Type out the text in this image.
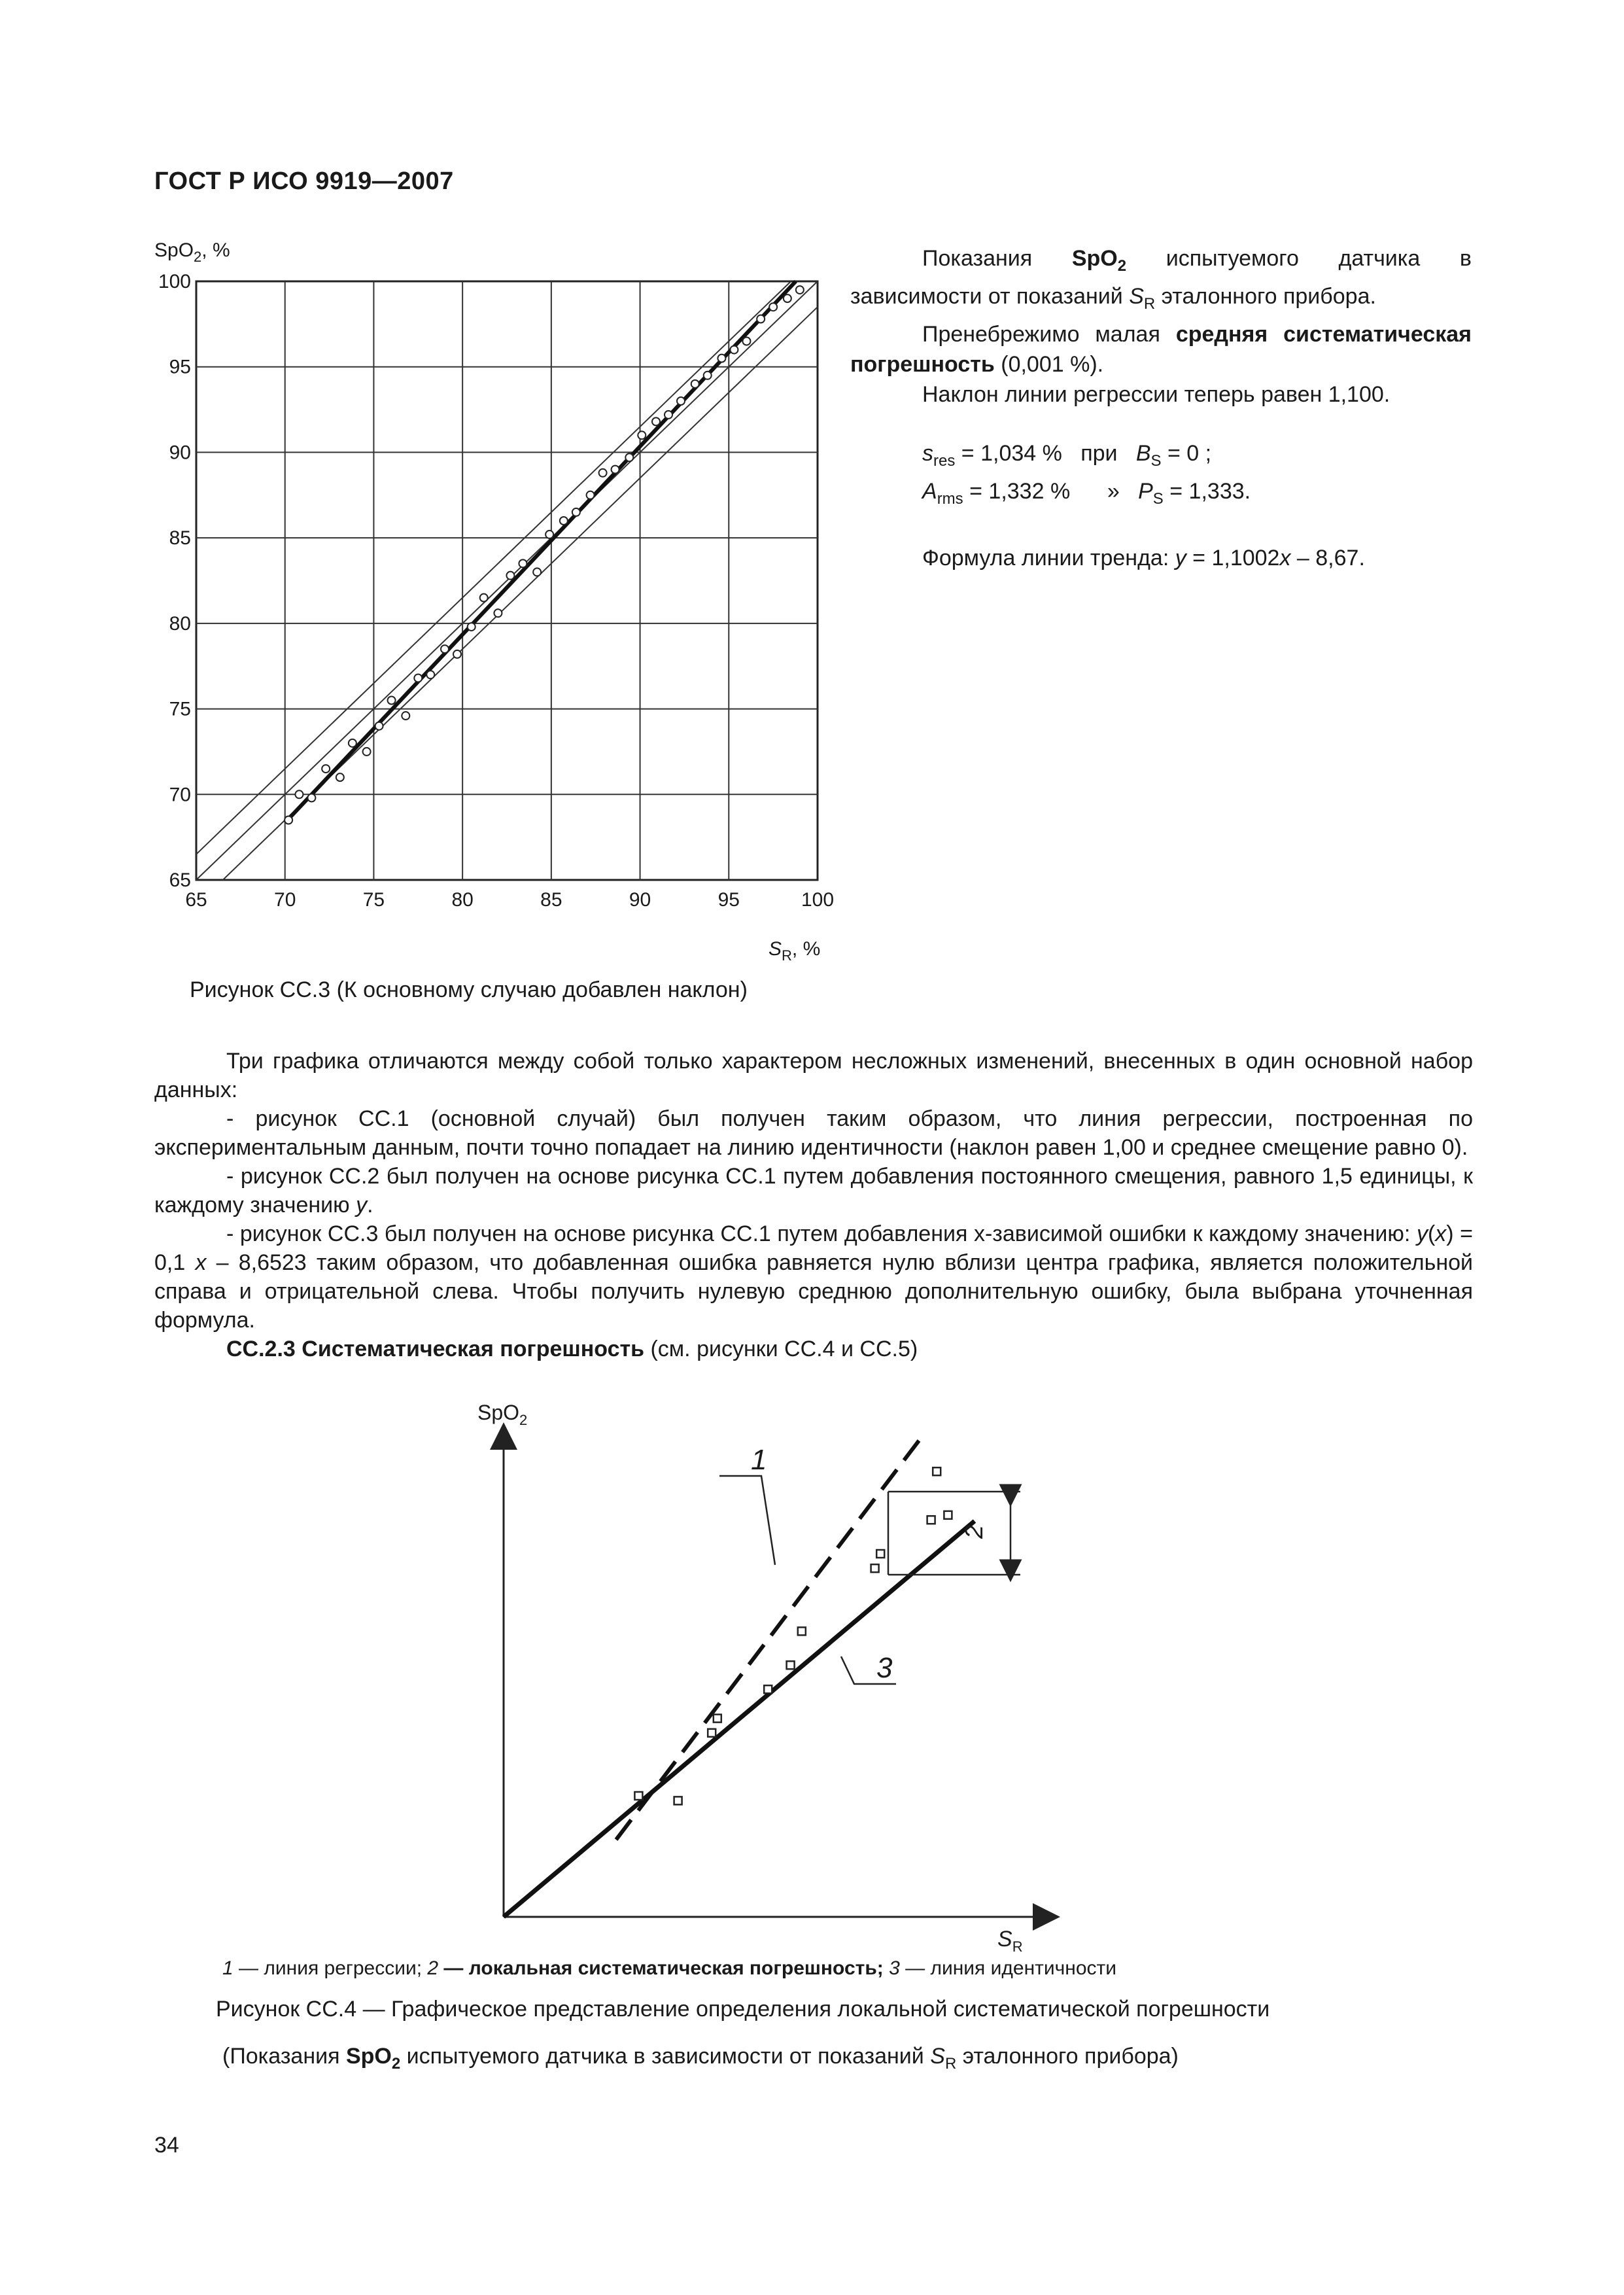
ГОСТ Р ИСО 9919—2007
SpO$_2$, %
65
70
75
80
85
90
95
100
65	70	75	80	85	90	95	100
$S_R$, %

Показания SpO$_2$ испытуемого датчика в зависимости от показаний $S_R$ эталонного прибора.

Пренебрежимо малая средняя систематическая погрешность (0,001 %).

Наклон линии регрессии теперь равен 1,100.

$s_{res} = 1,034$ %   при   $B_S = 0$ ;

$A_{rms} = 1,332$ %      »   $P_S = 1,333$.

Формула линии тренда: y = 1,1002x – 8,67.

Рисунок СС.3 (К основному случаю добавлен наклон)

Три графика отличаются между собой только характером несложных изменений, внесенных в один основной набор данных:

- рисунок СС.1 (основной случай) был получен таким образом, что линия регрессии, построенная по экспериментальным данным, почти точно попадает на линию идентичности (наклон равен 1,00 и среднее смещение равно 0).

- рисунок СС.2 был получен на основе рисунка СС.1 путем добавления постоянного смещения, равного 1,5 единицы, к каждому значению у.

- рисунок СС.3 был получен на основе рисунка СС.1 путем добавления х-зависимой ошибки к каждому значению: у(х) = 0,1 х – 8,6523 таким образом, что добавленная ошибка равняется нулю вблизи центра графика, является положительной справа и отрицательной слева. Чтобы получить нулевую среднюю дополнительную ошибку, была выбрана уточненная формула.

СС.2.3 Систематическая погрешность (см. рисунки СС.4 и СС.5)

SpO$_2$
$S_R$
2
1
3
1 — линия регрессии; 2 — локальная систематическая погрешность; 3 — линия идентичности
Рисунок СС.4 — Графическое представление определения локальной систематической погрешности
(Показания SpO$_2$ испытуемого датчика в зависимости от показаний $S_R$ эталонного прибора)
34
